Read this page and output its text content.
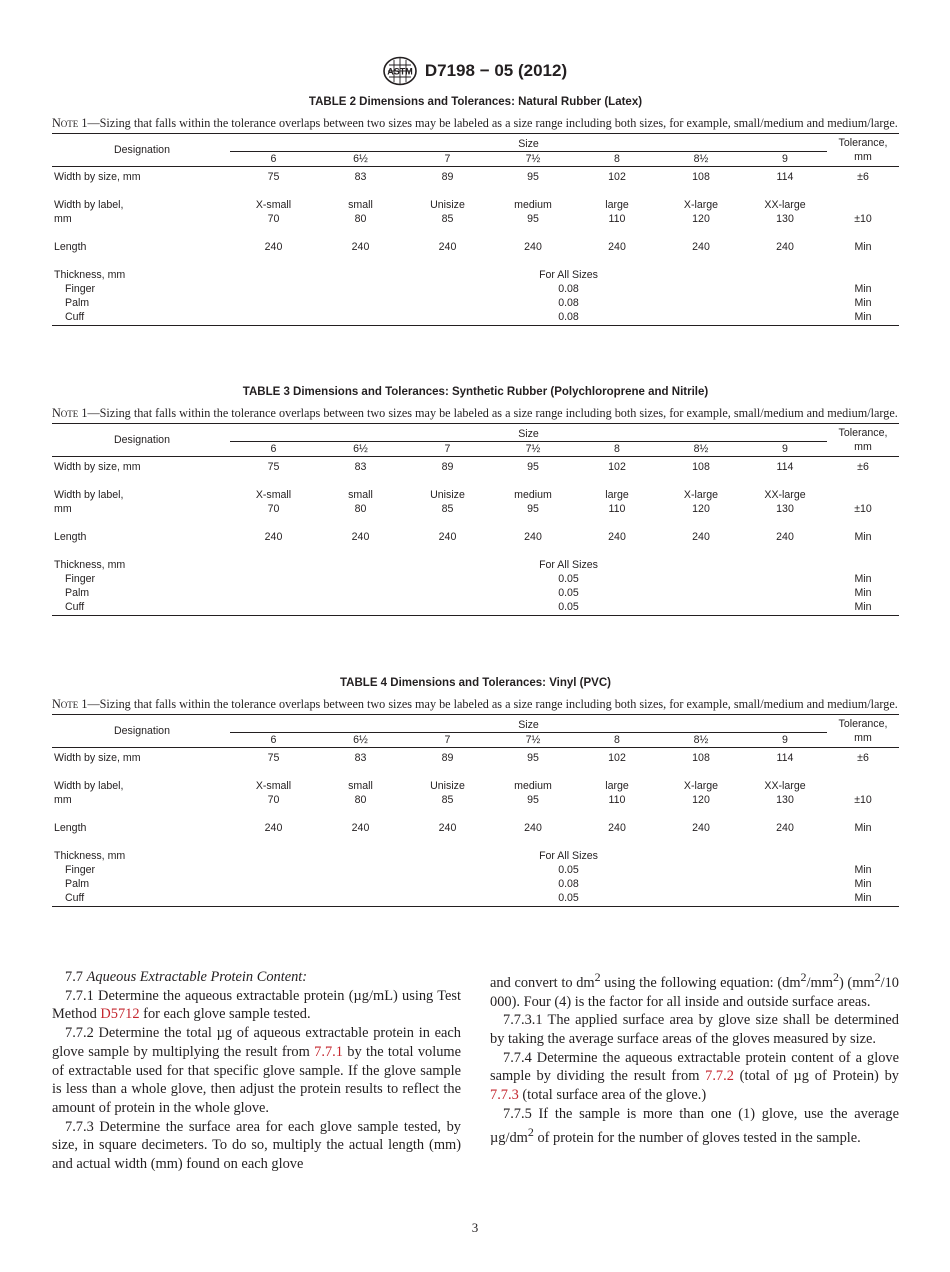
ASTM D7198 − 05 (2012)
TABLE 2 Dimensions and Tolerances: Natural Rubber (Latex)
Note 1—Sizing that falls within the tolerance overlaps between two sizes may be labeled as a size range including both sizes, for example, small/medium and medium/large.
Designation	Size							Tolerance,
mm
	6	6½	7	7½	8	8½	9	
Width by size, mm	75	83	89	95	102	108	114	±6

Width by label,	X-small	small	Unisize	medium	large	X-large	XX-large	
mm	70	80	85	95	110	120	130	±10

Length	240	240	240	240	240	240	240	Min

Thickness, mm	For All Sizes							
Finger	0.08							Min
Palm	0.08							Min
Cuff	0.08							Min
TABLE 3 Dimensions and Tolerances: Synthetic Rubber (Polychloroprene and Nitrile)
Note 1—Sizing that falls within the tolerance overlaps between two sizes may be labeled as a size range including both sizes, for example, small/medium and medium/large.
Designation	Size							Tolerance,
mm
	6	6½	7	7½	8	8½	9	
Width by size, mm	75	83	89	95	102	108	114	±6

Width by label,	X-small	small	Unisize	medium	large	X-large	XX-large	
mm	70	80	85	95	110	120	130	±10

Length	240	240	240	240	240	240	240	Min

Thickness, mm	For All Sizes							
Finger	0.05							Min
Palm	0.05							Min
Cuff	0.05							Min
TABLE 4 Dimensions and Tolerances: Vinyl (PVC)
Note 1—Sizing that falls within the tolerance overlaps between two sizes may be labeled as a size range including both sizes, for example, small/medium and medium/large.
Designation	Size							Tolerance,
mm
	6	6½	7	7½	8	8½	9	
Width by size, mm	75	83	89	95	102	108	114	±6

Width by label,	X-small	small	Unisize	medium	large	X-large	XX-large	
mm	70	80	85	95	110	120	130	±10

Length	240	240	240	240	240	240	240	Min

Thickness, mm	For All Sizes							
Finger	0.05							Min
Palm	0.08							Min
Cuff	0.05							Min

7.7 Aqueous Extractable Protein Content:

7.7.1 Determine the aqueous extractable protein (µg/mL) using Test Method D5712 for each glove sample tested.

7.7.2 Determine the total µg of aqueous extractable protein in each glove sample by multiplying the result from 7.7.1 by the total volume of extractable used for that specific glove sample. If the glove sample is less than a whole glove, then adjust the protein results to reflect the amount of protein in the whole glove.

7.7.3 Determine the surface area for each glove sample tested, by size, in square decimeters. To do so, multiply the actual length (mm) and actual width (mm) found on each glove

and convert to $dm^2$ using the following equation: $(dm^2/mm^2)$ ($mm^2/10$ 000). Four (4) is the factor for all inside and outside surface areas.

7.7.3.1 The applied surface area by glove size shall be determined by taking the average surface areas of the gloves measured by size.

7.7.4 Determine the aqueous extractable protein content of a glove sample by dividing the result from 7.7.2 (total of µg of Protein) by 7.7.3 (total surface area of the glove.)

7.7.5 If the sample is more than one (1) glove, use the average $\mu g/dm^2$ of protein for the number of gloves tested in the sample.

3
